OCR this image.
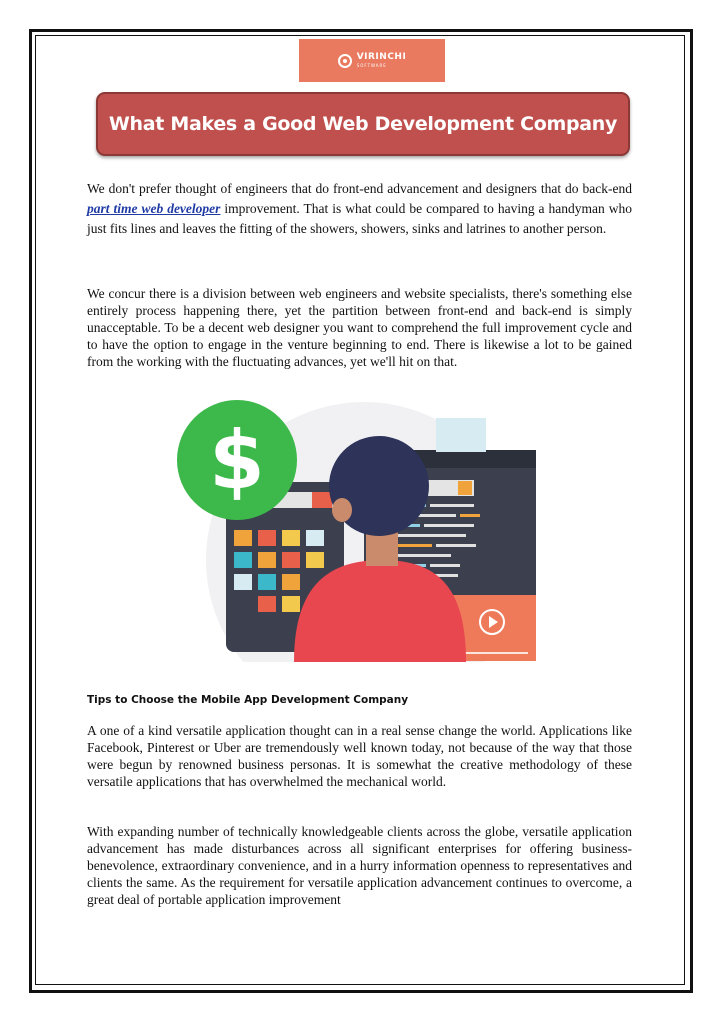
VIRINCHI
SOFTWARE
What Makes a Good Web Development Company

We don't prefer thought of engineers that do front-end advancement and designers that do back-end part time web developer improvement. That is what could be compared to having a handyman who just fits lines and leaves the fitting of the showers, showers, sinks and latrines to another person.

We concur there is a division between web engineers and website specialists, there's something else entirely process happening there, yet the partition between front-end and back-end is simply unacceptable. To be a decent web designer you want to comprehend the full improvement cycle and to have the option to engage in the venture beginning to end. There is likewise a lot to be gained from the working with the fluctuating advances, yet we'll hit on that.

$

Tips to Choose the Mobile App Development Company

A one of a kind versatile application thought can in a real sense change the world. Applications like Facebook, Pinterest or Uber are tremendously well known today, not because of the way that those were begun by renowned business personas. It is somewhat the creative methodology of these versatile applications that has overwhelmed the mechanical world.

With expanding number of technically knowledgeable clients across the globe, versatile application advancement has made disturbances across all significant enterprises for offering business-benevolence, extraordinary convenience, and in a hurry information openness to representatives and clients the same. As the requirement for versatile application advancement continues to overcome, a great deal of portable application improvement
